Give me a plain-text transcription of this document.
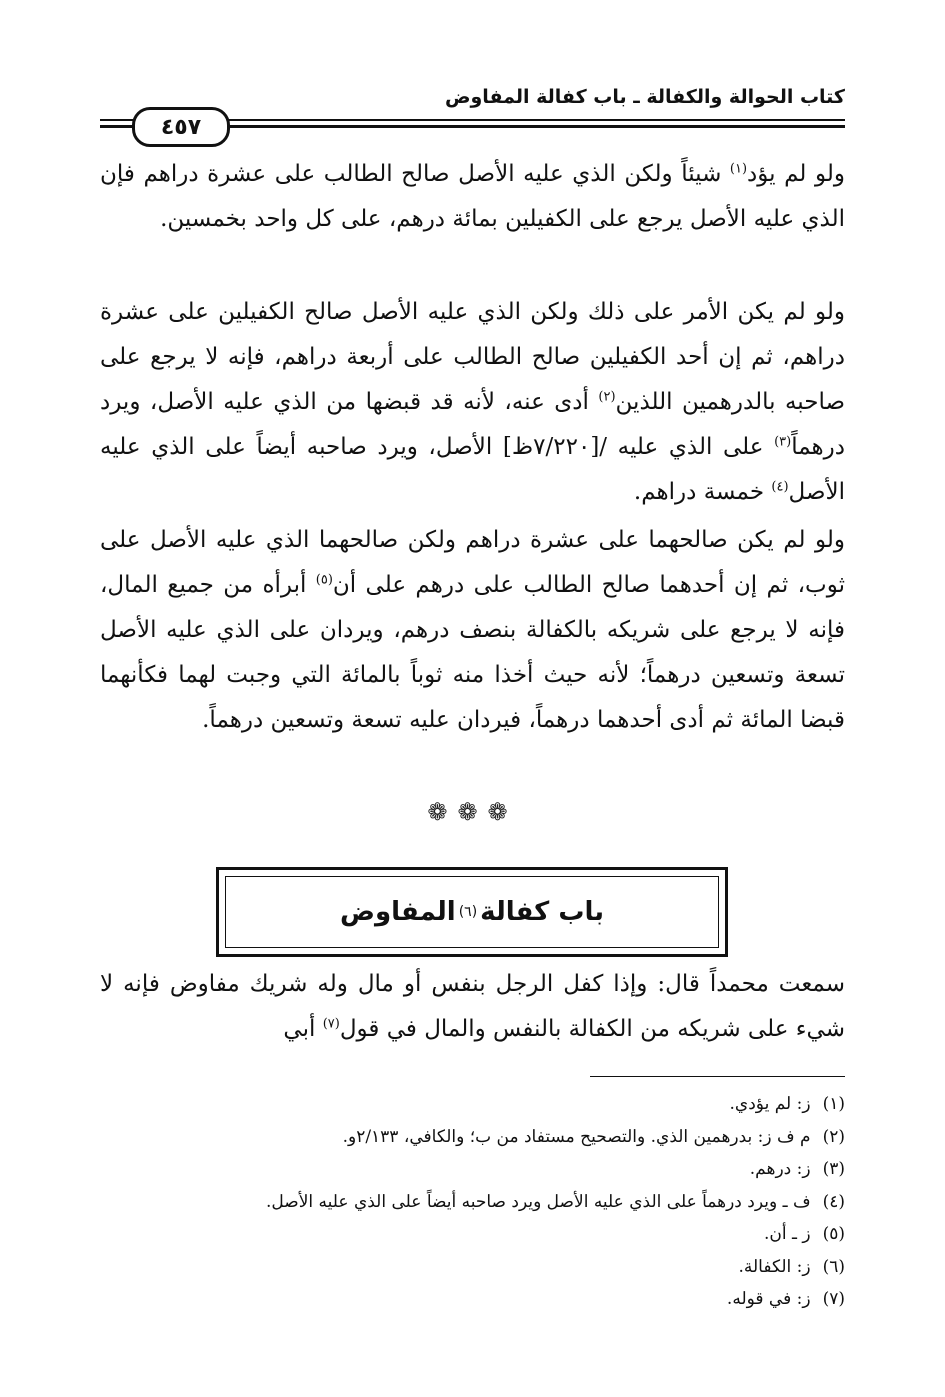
كتاب الحوالة والكفالة ـ باب كفالة المفاوض
٤٥٧

ولو لم يؤد$^{(١)}$ شيئاً ولكن الذي عليه الأصل صالح الطالب على عشرة دراهم فإن الذي عليه الأصل يرجع على الكفيلين بمائة درهم، على كل واحد بخمسين.

ولو لم يكن الأمر على ذلك ولكن الذي عليه الأصل صالح الكفيلين على عشرة دراهم، ثم إن أحد الكفيلين صالح الطالب على أربعة دراهم، فإنه لا يرجع على صاحبه بالدرهمين اللذين$^{(٢)}$ أدى عنه، لأنه قد قبضها من الذي عليه الأصل، ويرد درهماً$^{(٣)}$ على الذي عليه /[٧/٢٢٠ظ] الأصل، ويرد صاحبه أيضاً على الذي عليه الأصل$^{(٤)}$ خمسة دراهم.

ولو لم يكن صالحهما على عشرة دراهم ولكن صالحهما الذي عليه الأصل على ثوب، ثم إن أحدهما صالح الطالب على درهم على أن$^{(٥)}$ أبرأه من جميع المال، فإنه لا يرجع على شريكه بالكفالة بنصف درهم، ويردان على الذي عليه الأصل تسعة وتسعين درهماً؛ لأنه حيث أخذا منه ثوباً بالمائة التي وجبت لهما فكأنهما قبضا المائة ثم أدى أحدهما درهماً، فيردان عليه تسعة وتسعين درهماً.

❁❁❁
باب كفالة
(٦)
المفاوض

سمعت محمداً قال: وإذا كفل الرجل بنفس أو مال وله شريك مفاوض فإنه لا شيء على شريكه من الكفالة بالنفس والمال في قول$^{(٧)}$ أبي

(١)ز: لم يؤدي.
(٢)م ف ز: بدرهمين الذي. والتصحيح مستفاد من ب؛ والكافي، ٢/١٣٣و.
(٣)ز: درهم.
(٤)ف ـ ويرد درهماً على الذي عليه الأصل ويرد صاحبه أيضاً على الذي عليه الأصل.
(٥)ز ـ أن.
(٦)ز: الكفالة.
(٧)ز: في قوله.
